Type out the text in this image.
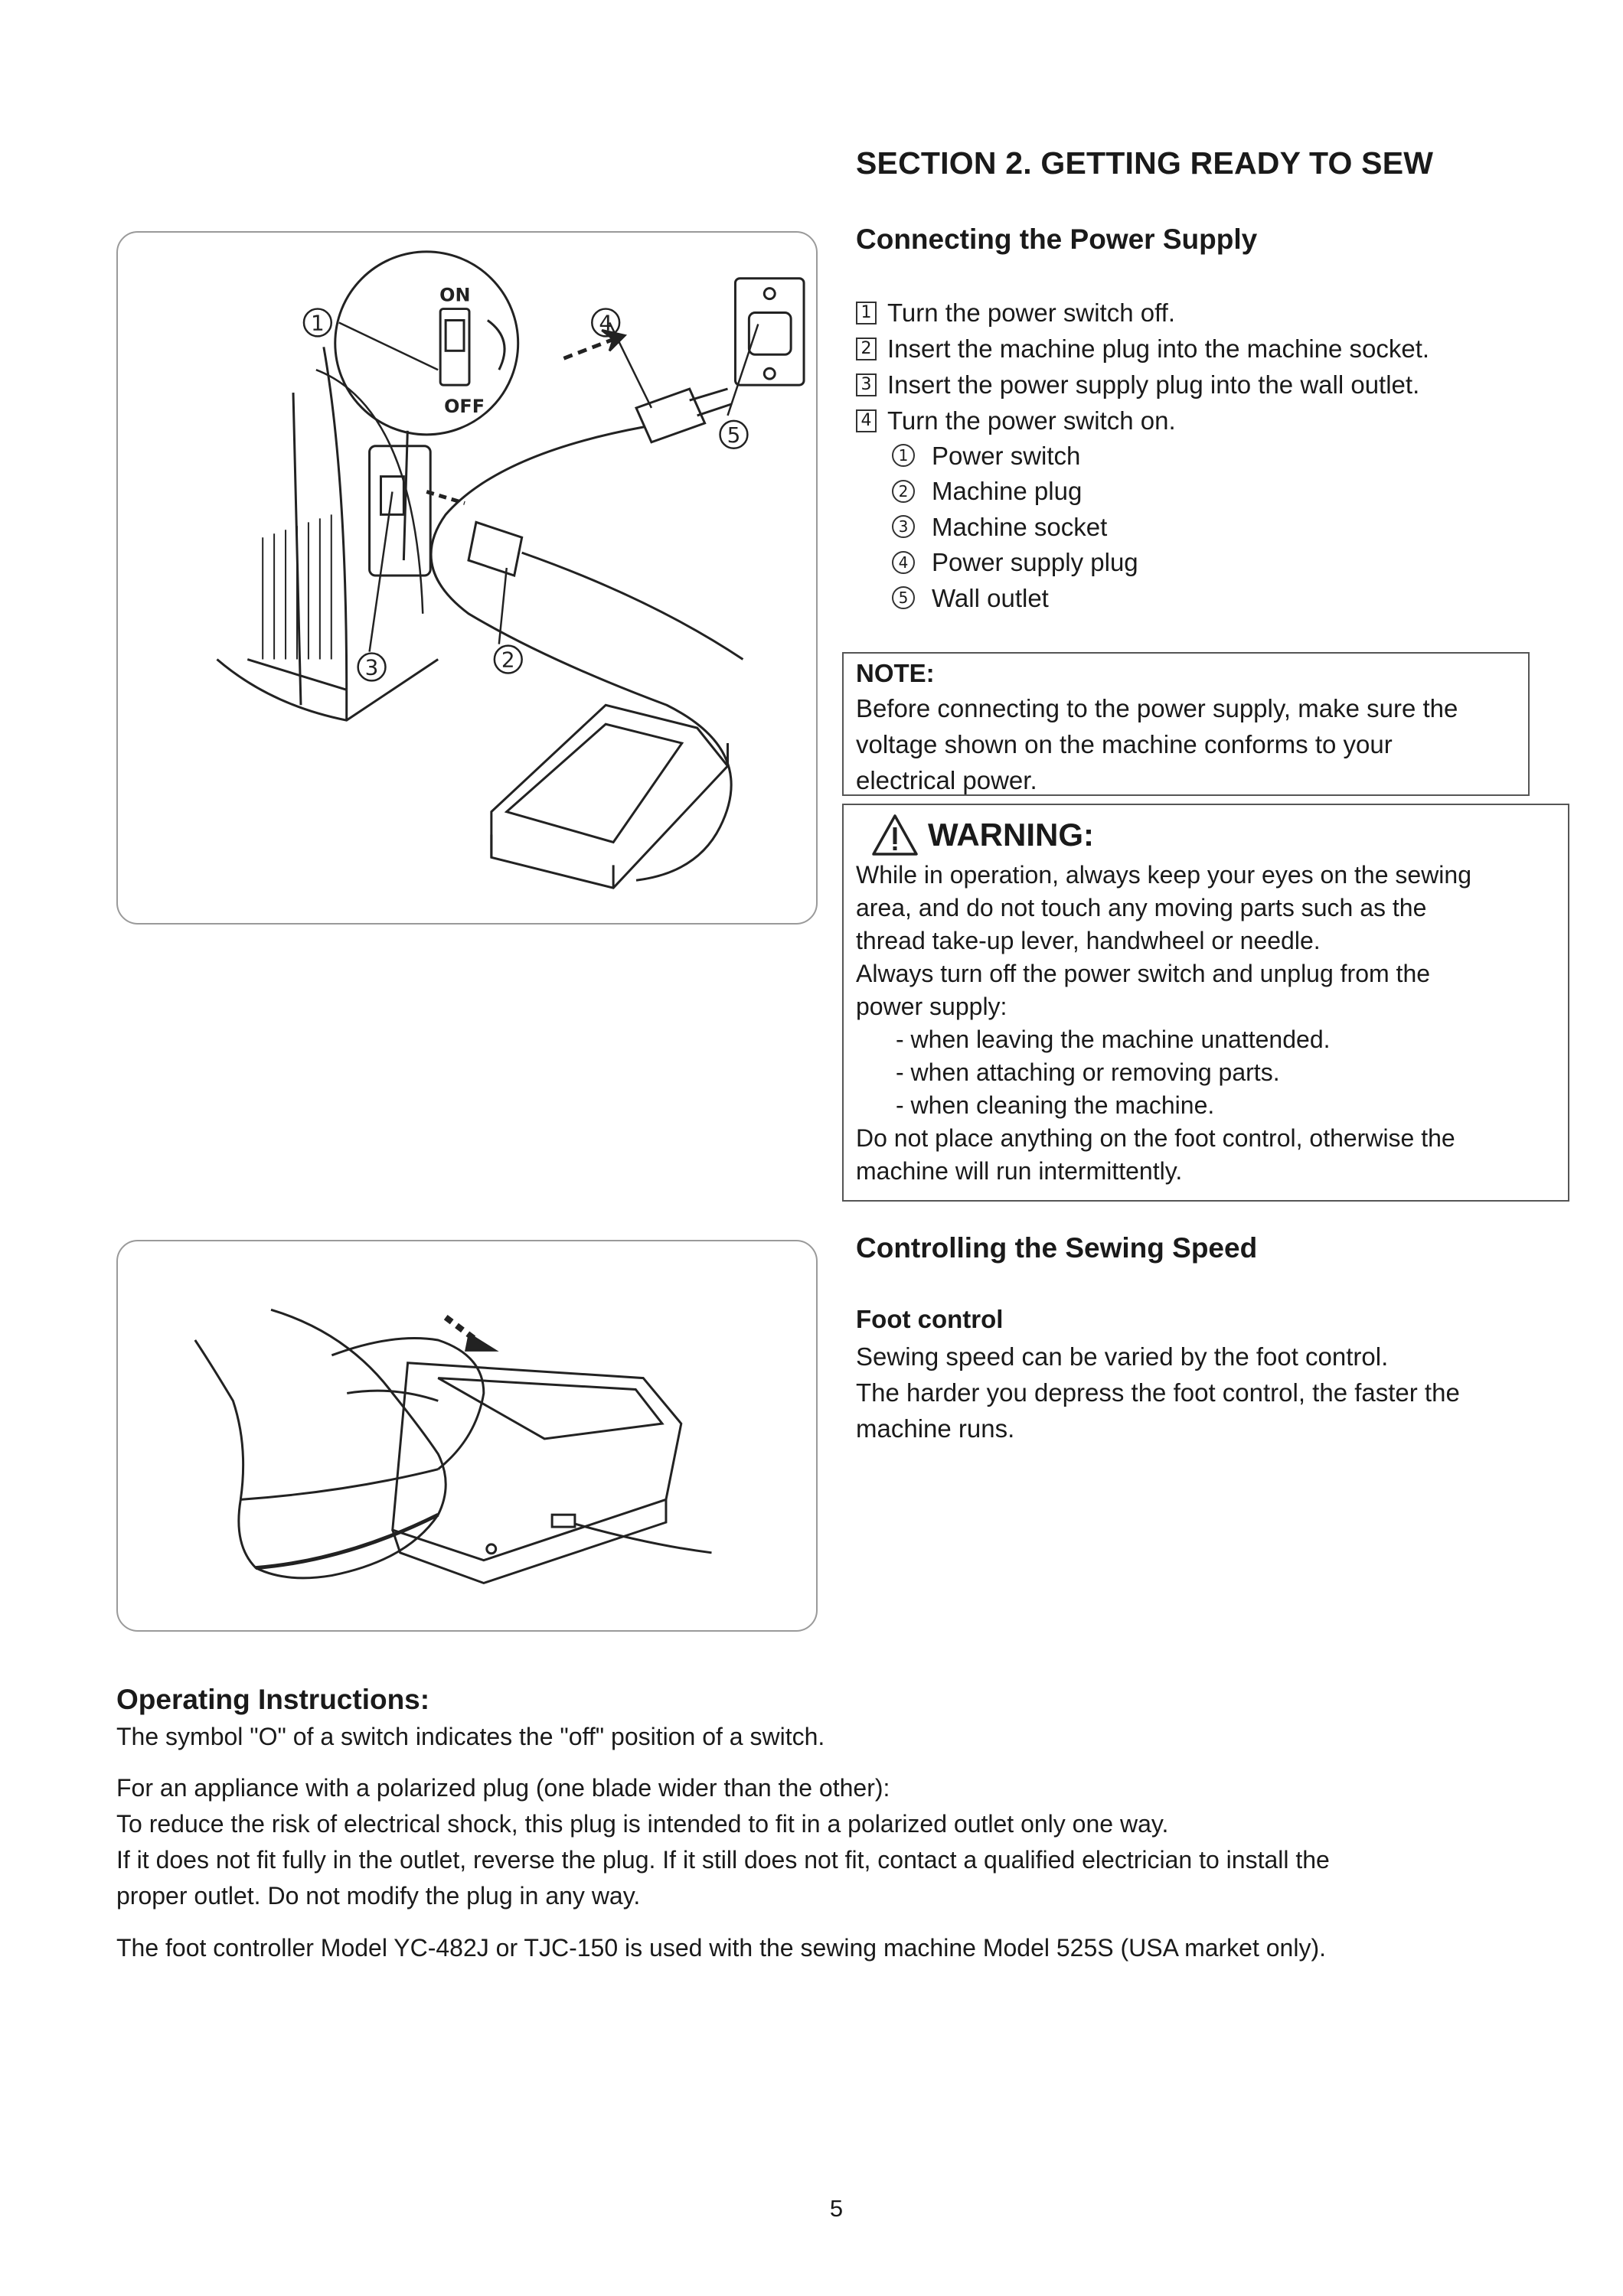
SECTION 2. GETTING READY TO SEW
1	4
5
3	2
ON
OFF
Connecting the Power Supply
1 Turn the power switch off.
2 Insert the machine plug into the machine socket.
3 Insert the power supply plug into the wall outlet.
4 Turn the power switch on.
1 Power switch
2 Machine plug
3 Machine socket
4 Power supply plug
5 Wall outlet
NOTE:
Before connecting to the power supply, make sure the
voltage shown on the machine conforms to your
electrical power.
WARNING:
While in operation, always keep your eyes on the sewing
area, and do not touch any moving parts such as the
thread take-up lever, handwheel or needle.
Always turn off the power switch and unplug from the
power supply:
- when leaving the machine unattended.
- when attaching or removing parts.
- when cleaning the machine.
Do not place anything on the foot control, otherwise the
machine will run intermittently.
Controlling the Sewing Speed
Foot control
Sewing speed can be varied by the foot control.
The harder you depress the foot control, the faster the
machine runs.
Operating Instructions:
The symbol "O" of a switch indicates the "off" position of a switch.
For an appliance with a polarized plug (one blade wider than the other):
To reduce the risk of electrical shock, this plug is intended to fit in a polarized outlet only one way.
If it does not fit fully in the outlet, reverse the plug. If it still does not fit, contact a qualified electrician to install the
proper outlet. Do not modify the plug in any way.
The foot controller Model YC-482J or TJC-150 is used with the sewing machine Model 525S (USA market only).
5
